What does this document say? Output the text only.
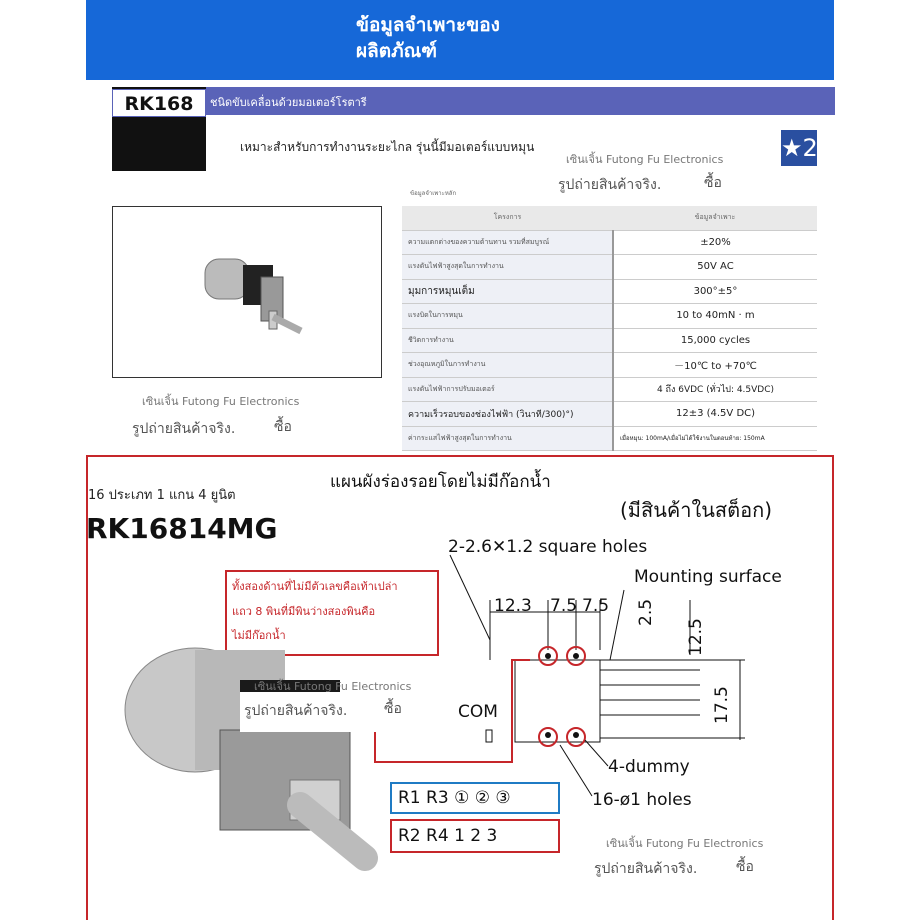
ข้อมูลจำเพาะของ
ผลิตภัณฑ์
ชนิดขับเคลื่อนด้วยมอเตอร์โรตารี
RK168
เหมาะสำหรับการทำงานระยะไกล รุ่นนี้มีมอเตอร์แบบหมุน	★2
เซินเจิ้น Futong Fu Electronics
รูปถ่ายสินค้าจริง.	ซื้อ
เซินเจิ้น Futong Fu Electronics
รูปถ่ายสินค้าจริง.	ซื้อ
ข้อมูลจำเพาะหลัก
โครงการ	ข้อมูลจำเพาะ
ความแตกต่างของความต้านทาน รวมที่สมบูรณ์	±20%
แรงดันไฟฟ้าสูงสุดในการทำงาน	50V AC
มุมการหมุนเต็ม	300°±5°
แรงบิดในการหมุน	10 to 40mN · m
ชีวิตการทำงาน	15,000 cycles
ช่วงอุณหภูมิในการทำงาน	－10℃ to +70℃
แรงดันไฟฟ้าการปรับมอเตอร์	4 ถึง 6VDC (ทั่วไป: 4.5VDC)
ความเร็วรอบของช่องไฟฟ้า (วินาที/300)°)	12±3 (4.5V DC)
ค่ากระแสไฟฟ้าสูงสุดในการทำงาน	เมื่อหมุน: 100mA/เมื่อไม่ได้ใช้งานในตอนท้าย: 150mA
แผนผังร่องรอยโดยไม่มีก๊อกน้ำ
(มีสินค้าในสต็อก)
16 ประเภท 1 แกน 4 ยูนิต
RK16814MG
2-2.6✕1.2 square holes
Mounting surface
12.3 7.5 7.5 2.5
12.5
17.5
COM
4-dummy
16-ø1 holes
ทั้งสองด้านที่ไม่มีตัวเลขคือเท้าเปล่า
แถว 8 พินที่มีพินว่างสองพินคือ
ไม่มีก๊อกน้ำ
เซินเจิ้น Futong Fu Electronics
รูปถ่ายสินค้าจริง.	ซื้อ
R1 R3 ① ② ③
R2 R4 1 2 3	เซินเจิ้น Futong Fu Electronics
รูปถ่ายสินค้าจริง.	ซื้อ
